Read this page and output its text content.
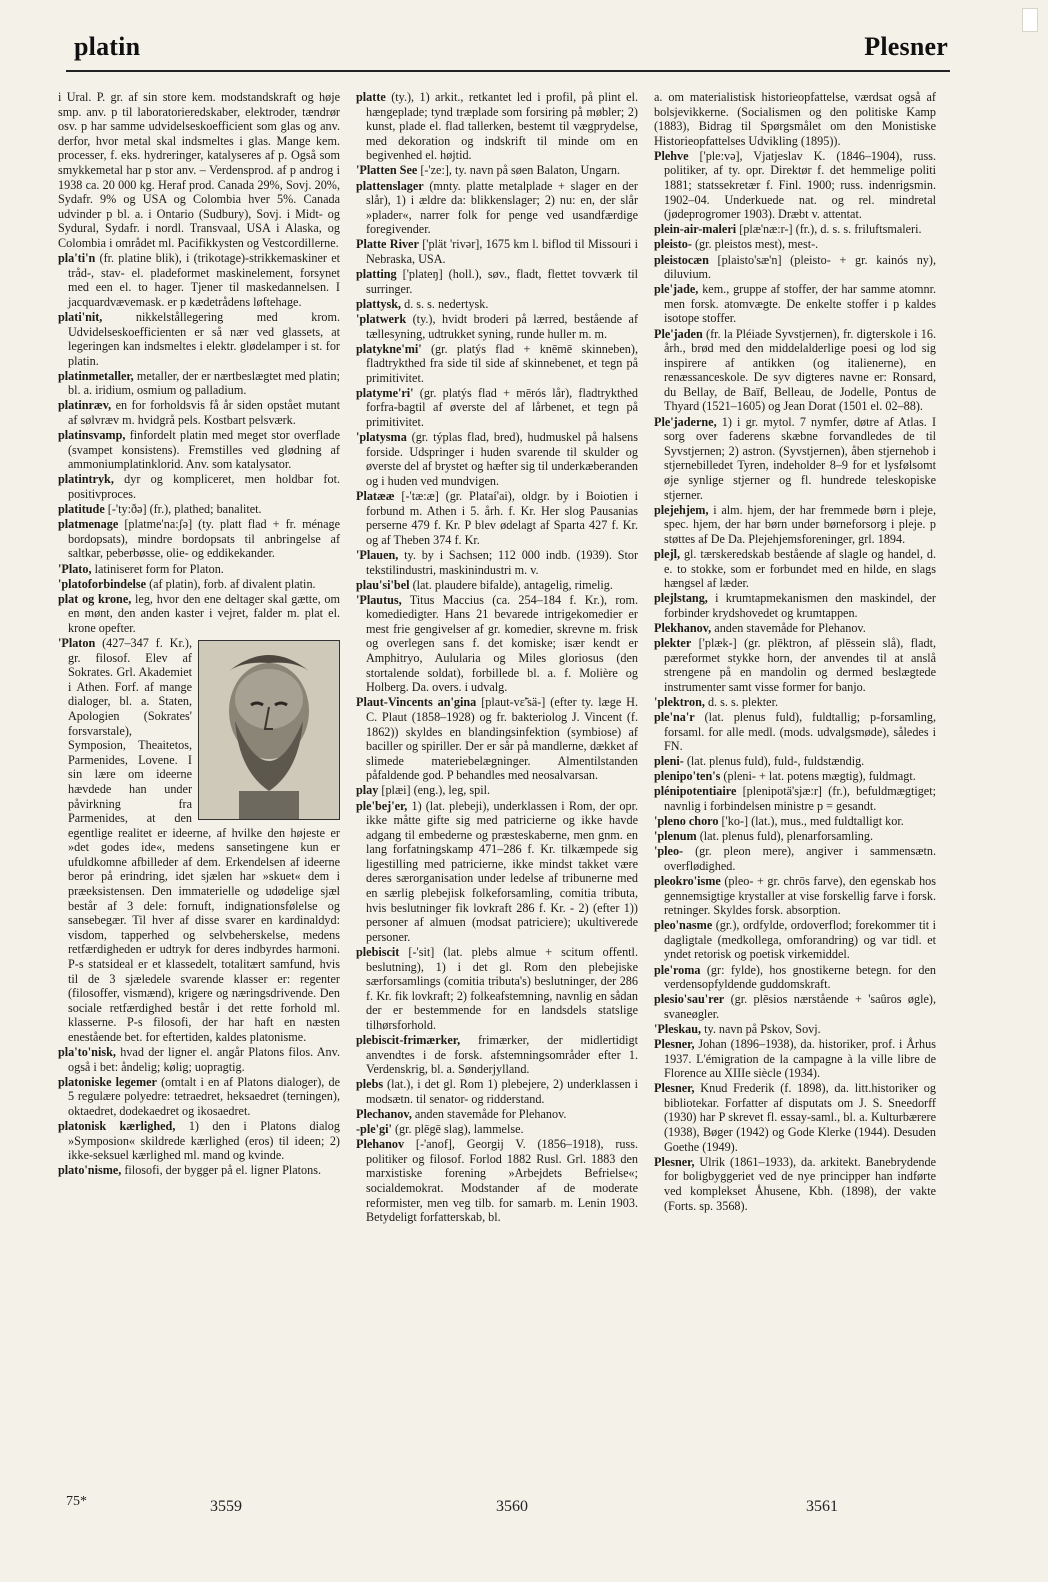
platin	Plesner

i Ural. P. gr. af sin store kem. modstandskraft og høje smp. anv. p til laboratorieredskaber, elektroder, tændrør osv. p har samme udvidelseskoefficient som glas og anv. derfor, hvor metal skal indsmeltes i glas. Mange kem. processer, f. eks. hydreringer, katalyseres af p. Også som smykkemetal har p stor anv. – Verdensprod. af p androg i 1938 ca. 20 000 kg. Heraf prod. Canada 29%, Sovj. 20%, Sydafr. 9% og USA og Colombia hver 5%. Canada udvinder p bl. a. i Ontario (Sudbury), Sovj. i Midt- og Sydural, Sydafr. i nordl. Transvaal, USA i Alaska, og Colombia i området ml. Pacifikkysten og Vestcordillerne.

pla'ti'n (fr. platine blik), i (trikotage)-strikkemaskiner et tråd-, stav- el. pladeformet maskinelement, forsynet med een el. to hager. Tjener til maskedannelsen. I jacquardvævemask. er p kædetrådens løftehage.

plati'nit,	nikkelstållegering med krom. Udvidelseskoefficienten er så nær ved glassets, at legeringen kan indsmeltes i elektr. glødelamper i st. for platin.

platinmetaller, metaller, der er nærtbeslægtet med platin; bl. a. iridium, osmium og palladium.

platinræv, en for forholdsvis få år siden opstået mutant af sølvræv m. hvidgrå pels. Kostbart pelsværk.

platinsvamp, finfordelt platin med meget stor overflade (svampet konsistens). Fremstilles ved glødning af ammoniumplatinklorid. Anv. som katalysator.

platintryk, dyr og kompliceret, men holdbar fot. positivproces.

platitude [-'ty:ðə] (fr.), plathed; banalitet.

platmenage [platme'na:ʃə] (ty. platt flad + fr. ménage bordopsats), mindre bordopsats til anbringelse af saltkar, peberbøsse, olie- og eddikekander.

'Plato, latiniseret form for Platon.

'platoforbindelse (af platin), forb. af divalent platin.

plat og krone, leg, hvor den ene deltager skal gætte, om en mønt, den anden kaster i vejret, falder m. plat el. krone opefter.

'Platon (427–347 f. Kr.), gr. filosof. Elev af Sokrates. Grl. Akademiet i Athen. Forf. af mange dialoger, bl. a. Staten, Apologien (Sokrates' forsvarstale), Symposion, Theaitetos, Parmenides, Lovene. I sin lære om ideerne hævdede han under påvirkning fra Parmenides, at den egentlige realitet er ideerne, af hvilke den højeste er »det godes ide«, medens sansetingene kun er ufuldkomne afbilleder af dem. Erkendelsen af ideerne beror på erindring, idet sjælen har »skuet« dem i præeksistensen. Den immaterielle og udødelige sjæl består af 3 dele: fornuft, indignationsfølelse og sansebegær. Til hver af disse svarer en kardinaldyd: visdom, tapperhed og selvbeherskelse, medens retfærdigheden er udtryk for deres indbyrdes harmoni. P-s statsideal er et klassedelt, totalitært samfund, hvis til de 3 sjæledele svarende klasser er: regenter (filosoffer, vismænd), krigere og næringsdrivende. Den sociale retfærdighed består i det rette forhold ml. klasserne. P-s filosofi, der har haft en næsten enestående bet. for eftertiden, kaldes platonisme.

pla'to'nisk, hvad der ligner el. angår Platons filos. Anv. også i bet: åndelig; kølig; uopragtig.

platoniske legemer (omtalt i en af Platons dialoger), de 5 regulære polyedre: tetraedret, heksaedret (terningen), oktaedret, dodekaedret og ikosaedret.

platonisk kærlighed, 1) den i Platons dialog »Symposion« skildrede kærlighed (eros) til ideen; 2) ikke-seksuel kærlighed ml. mand og kvinde.

plato'nisme, filosofi, der bygger på el. ligner Platons.

platte (ty.), 1) arkit., retkantet led i profil, på plint el. hængeplade; tynd træplade som forsiring på møbler; 2) kunst, plade el. flad tallerken, bestemt til vægprydelse, med dekoration og indskrift til minde om en begivenhed el. højtid.

'Platten See [-'ze:], ty. navn på søen Balaton, Ungarn.

plattenslager (mnty. platte metalplade + slager en der slår), 1) i ældre da: blikkenslager; 2) nu: en, der slår »plader«, narrer folk for penge ved usandfærdige foregivender.

Platte River ['plät 'rivər], 1675 km l. biflod til Missouri i Nebraska, USA.

platting ['plateŋ] (holl.), søv., fladt, flettet tovværk til surringer.

plattysk, d. s. s. nedertysk.

'platwerk (ty.), hvidt broderi på lærred, bestående af tællesyning, udtrukket syning, runde huller m. m.

platykne'mi' (gr. platýs flad + knēmē skinneben), fladtrykthed fra side til side af skinnebenet, et tegn på primitivitet.

platyme'ri' (gr. platýs flad + mērós lår), fladtrykthed forfra-bagtil af øverste del af lårbenet, et tegn på primitivitet.

'platysma (gr. týplas flad, bred), hudmuskel på halsens forside. Udspringer i huden svarende til skulder og øverste del af brystet og hæfter sig til underkæberanden og i huden ved mundvigen.

Platææ [-'tæ:æ] (gr. Plataí'ai), oldgr. by i Boiotien i forbund m. Athen i 5. årh. f. Kr. Her slog Pausanias perserne 479 f. Kr. P blev ødelagt af Sparta 427 f. Kr. og af Theben 374 f. Kr.

'Plauen, ty. by i Sachsen; 112 000 indb. (1939). Stor tekstilindustri, maskinindustri m. v.

plau'si'bel (lat. plaudere bifalde), antagelig, rimelig.

'Plautus, Titus Maccius (ca. 254–184 f. Kr.), rom. komediedigter. Hans 21 bevarede intrigekomedier er mest frie gengivelser af gr. komedier, skrevne m. frisk og overlegen sans f. det komiske; især kendt er Amphitryo, Aulularia og Miles gloriosus (den stortalende soldat), forbillede bl. a. f. Molière og Holberg. Da. overs. i udvalg.

Plaut-Vincents an'gina [plaut-vɛ̃'sä-] (efter ty. læge H. C. Plaut (1858–1928) og fr. bakteriolog J. Vincent (f. 1862)) skyldes en blandingsinfektion (symbiose) af baciller og spiriller. Der er sår på mandlerne, dækket af slimede materiebelægninger. Almentilstanden påfaldende god. P behandles med neosalvarsan.

play [plæi] (eng.), leg, spil.

ple'bej'er, 1) (lat. plebeji), underklassen i Rom, der opr. ikke måtte gifte sig med patricierne og ikke havde adgang til embederne og præsteskaberne, men gnm. en lang forfatningskamp 471–286 f. Kr. tilkæmpede sig ligestilling med patricierne, ikke mindst takket være deres særorganisation under ledelse af tribunerne med en særlig plebejisk folkeforsamling, comitia tributa, hvis beslutninger fik lovkraft 286 f. Kr. - 2) (efter 1)) personer af almuen (modsat patriciere); ukultiverede personer.

plebiscit [-'sit] (lat. plebs almue + scitum offentl. beslutning), 1) i det gl. Rom den plebejiske særforsamlings (comitia tributa's) beslutninger, der 286 f. Kr. fik lovkraft; 2) folkeafstemning, navnlig en sådan der er bestemmende for en landsdels statslige tilhørsforhold.

plebiscit-frimærker, frimærker, der midlertidigt anvendtes i de forsk. afstemningsområder efter 1. Verdenskrig, bl. a. Sønderjylland.

plebs (lat.), i det gl. Rom 1) plebejere, 2) underklassen i modsætn. til senator- og ridderstand.

Plechanov, anden stavemåde for Plehanov.

-ple'gi' (gr. plēgē slag), lammelse.

Plehanov [-'anof], Georgij V. (1856–1918), russ. politiker og filosof. Forlod 1882 Rusl. Grl. 1883 den marxistiske forening »Arbejdets Befrielse«; socialdemokrat. Modstander af de moderate reformister, men veg tilb. for samarb. m. Lenin 1903. Betydeligt forfatterskab, bl.

a. om materialistisk historieopfattelse, værdsat også af bolsjevikkerne. (Socialismen og den politiske Kamp (1883), Bidrag til Spørgsmålet om den Monistiske Historieopfattelses Udvikling (1895)).

Plehve ['ple:və], Vjatjeslav K. (1846–1904), russ. politiker, af ty. opr. Direktør f. det hemmelige politi 1881; statssekretær f. Finl. 1900; russ. indenrigsmin. 1902–04. Underkuede nat. og rel. mindretal (jødeprogromer 1903). Dræbt v. attentat.

plein-air-maleri [plæ'næ:r-] (fr.), d. s. s. friluftsmaleri.

pleisto- (gr. pleistos mest), mest-.

pleistocæn [plaisto'sæ'n] (pleisto- + gr. kainós ny), diluvium.

ple'jade, kem., gruppe af stoffer, der har samme atomnr. men forsk. atomvægte. De enkelte stoffer i p kaldes isotope stoffer.

Ple'jaden (fr. la Pléiade Syvstjernen), fr. digterskole i 16. årh., brød med den middelalderlige poesi og lod sig inspirere af antikken (og italienerne), en renæssanceskole. De syv digteres navne er: Ronsard, du Bellay, de Baïf, Belleau, de Jodelle, Pontus de Thyard (1521–1605) og Jean Dorat (1501 el. 02–88).

Ple'jaderne, 1) i gr. mytol. 7 nymfer, døtre af Atlas. I sorg over faderens skæbne forvandledes de til Syvstjernen; 2) astron. (Syvstjernen), åben stjernehob i stjernebilledet Tyren, indeholder 8–9 for et lysfølsomt øje synlige stjerner og fl. hundrede teleskopiske stjerner.

plejehjem, i alm. hjem, der har fremmede børn i pleje, spec. hjem, der har børn under børneforsorg i pleje. p støttes af De Da. Plejehjemsforeninger, grl. 1894.

plejl, gl. tærskeredskab bestående af slagle og handel, d. e. to stokke, som er forbundet med en hilde, en slags hængsel af læder.

plejlstang, i krumtapmekanismen den maskindel, der forbinder krydshovedet og krumtappen.

Plekhanov, anden stavemåde for Plehanov.

plekter ['plæk-] (gr. plēktron, af plēssein slå), fladt, pæreformet stykke horn, der anvendes til at anslå strengene på en mandolin og dermed beslægtede instrumenter samt visse former for banjo.

'plektron, d. s. s. plekter.

ple'na'r (lat. plenus fuld), fuldtallig; p-forsamling, forsaml. for alle medl. (mods. udvalgsmøde), således i FN.

pleni- (lat. plenus fuld), fuld-, fuldstændig.

plenipo'ten's (pleni- + lat. potens mægtig), fuldmagt.

plénipotentiaire [plenipotä'sjæ:r] (fr.), befuldmægtiget; navnlig i forbindelsen ministre p = gesandt.

'pleno choro ['ko-] (lat.), mus., med fuldtalligt kor.

'plenum (lat. plenus fuld), plenarforsamling.

'pleo- (gr. pleon mere), angiver i sammensætn. overflødighed.

pleokro'isme (pleo- + gr. chrōs farve), den egenskab hos gennemsigtige krystaller at vise forskellig farve i forsk. retninger. Skyldes forsk. absorption.

pleo'nasme (gr.), ordfylde, ordoverflod; forekommer tit i dagligtale (medkollega, omforandring) og var tidl. et yndet retorisk og poetisk virkemiddel.

ple'roma (gr: fylde), hos gnostikerne betegn. for den verdensopfyldende guddomskraft.

plesio'sau'rer (gr. plēsios nærstående + 'saûros øgle), svaneøgler.

'Pleskau, ty. navn på Pskov, Sovj.

Plesner, Johan (1896–1938), da. historiker, prof. i Århus 1937. L'émigration de la campagne à la ville libre de Florence au XIIIe siècle (1934).

Plesner, Knud Frederik (f. 1898), da. litt.historiker og bibliotekar. Forfatter af disputats om J. S. Sneedorff (1930) har P skrevet fl. essay-saml., bl. a. Kulturbærere (1938), Bøger (1942) og Gode Klerke (1944). Desuden Goethe (1949).

Plesner, Ulrik (1861–1933), da. arkitekt. Banebrydende for boligbyggeriet ved de nye principper han indførte ved komplekset Åhusene, Kbh. (1898), der vakte (Forts. sp. 3568).

75*	3559	3560	3561
